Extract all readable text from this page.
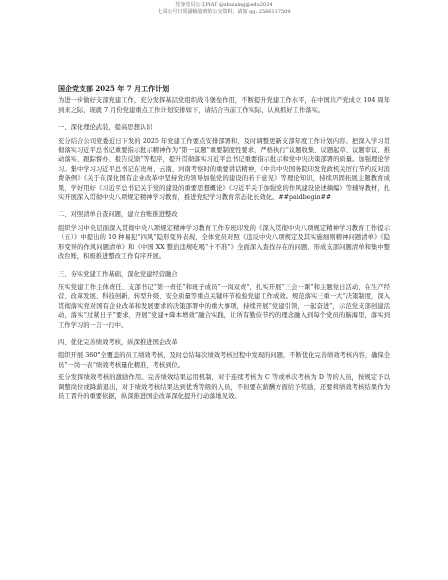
党身党员公文PIAT @shuixing@edu2024
七哥公号日常副稿量到的公交资料，请加 qq: 2566117509
国企党支部 2025 年 7 月工作计划

为进一步做好支部党建工作，充分发挥基层党组织战斗堡垒作用，不断提升党建工作水平，在中国共产党成立 104 周年到来之际，现就 7 月份党建重点工作计划安排如下，请结合当前工作实际，认真抓好工作落实。

一、深化理论武装，提高思想认识

充分结合公司党委近日下发的 2025 年党建工作要点安排部署和，及时调整更新支部年度工作计划内容。把深入学习贯彻落实习近平总书记重要指示批示精神作为“第一议题”重要制度性要求，严格执行“议题收集、议题起草、议题审议、推动落实、跟踪督办、报告反馈”等程序，提升贯彻落实习近平总书记重要指示批示和党中央决策部署的质量。加强理论学习。集中学习习近平总书记在贵州、云南、河南考察时的重要讲话精神，《中共中央国务院印发党政机关厉行节约反对浪费条例》《关于在深化国有企业改革中坚持党的领导加强党的建设的若干意见》等理论知识，持续巩固拓展主题教育成果，学好用好《习近平总书记关于党的建设的重要思想概论》《习近平关于加强党的作风建设论述摘编》等辅导教材，扎实开展深入贯彻中央八项规定精神学习教育，推进党纪学习教育常态化长效化。##paidbegin##

二、对照清单自查问题，建立台账推进整改

组织学习中央层面深入贯彻中央八项规定精神学习教育工作专班印发的《深入贯彻中央八项规定精神学习教育工作提示（五）》中提出的 10 种易犯“四风”隐形变异表现，全体党员对照《违反中央八项规定及其实施细则精神问题清单》《隐形变异的作风问题清单》和《中国 XX 整治违规吃喝“十不准”》全面深入查找存在的问题，形成支部问题清单和集中整改台账，积极推进整改工作有序开展。

三、夯实党建工作基础，深化党建经营融合

压实党建工作主体责任、支部书记“第一责任”和班子成员“一岗双责”，扎实开展“三会一课”和主题党日活动，在生产经营、改革发展、科技创新、转型升级、安全质量等重点关键环节检验党建工作成效。规范落实三重一大“决策制度，深入贯彻落实党对国有企业改革和发展要求的决策部署中的重大事项，持续开展“党建引领，一起奋进”，示范党支部创建活动，落实“过紧日子”要求，开展“党建+降本增效”融合实践，让所有勤俭节约的理念融入到每个党员的脑海里，落实到工作学习的一言一行中。

四、优化完善绩效考核，纵深推进国企改革

组织开展 360°全覆盖的员工绩效考核，及时总结每次绩效考核过程中发现的问题，不断优化完善绩效考核内容，确保全员“一岗一表”绩效考核量化精准，考核到位。

充分发挥绩效考核的激励作用。完善绩效结果运用机制，对于连续考核为 C 等或单次考核为 D 等的人员，按规定予以调整岗位或降薪退出，对于绩效考核结果达到优秀等级的人员，不但要在薪酬方面给予奖励，还要将绩效考核结果作为员工晋升的重要依据，纵深推进国企改革深化提升行动落地见效。
